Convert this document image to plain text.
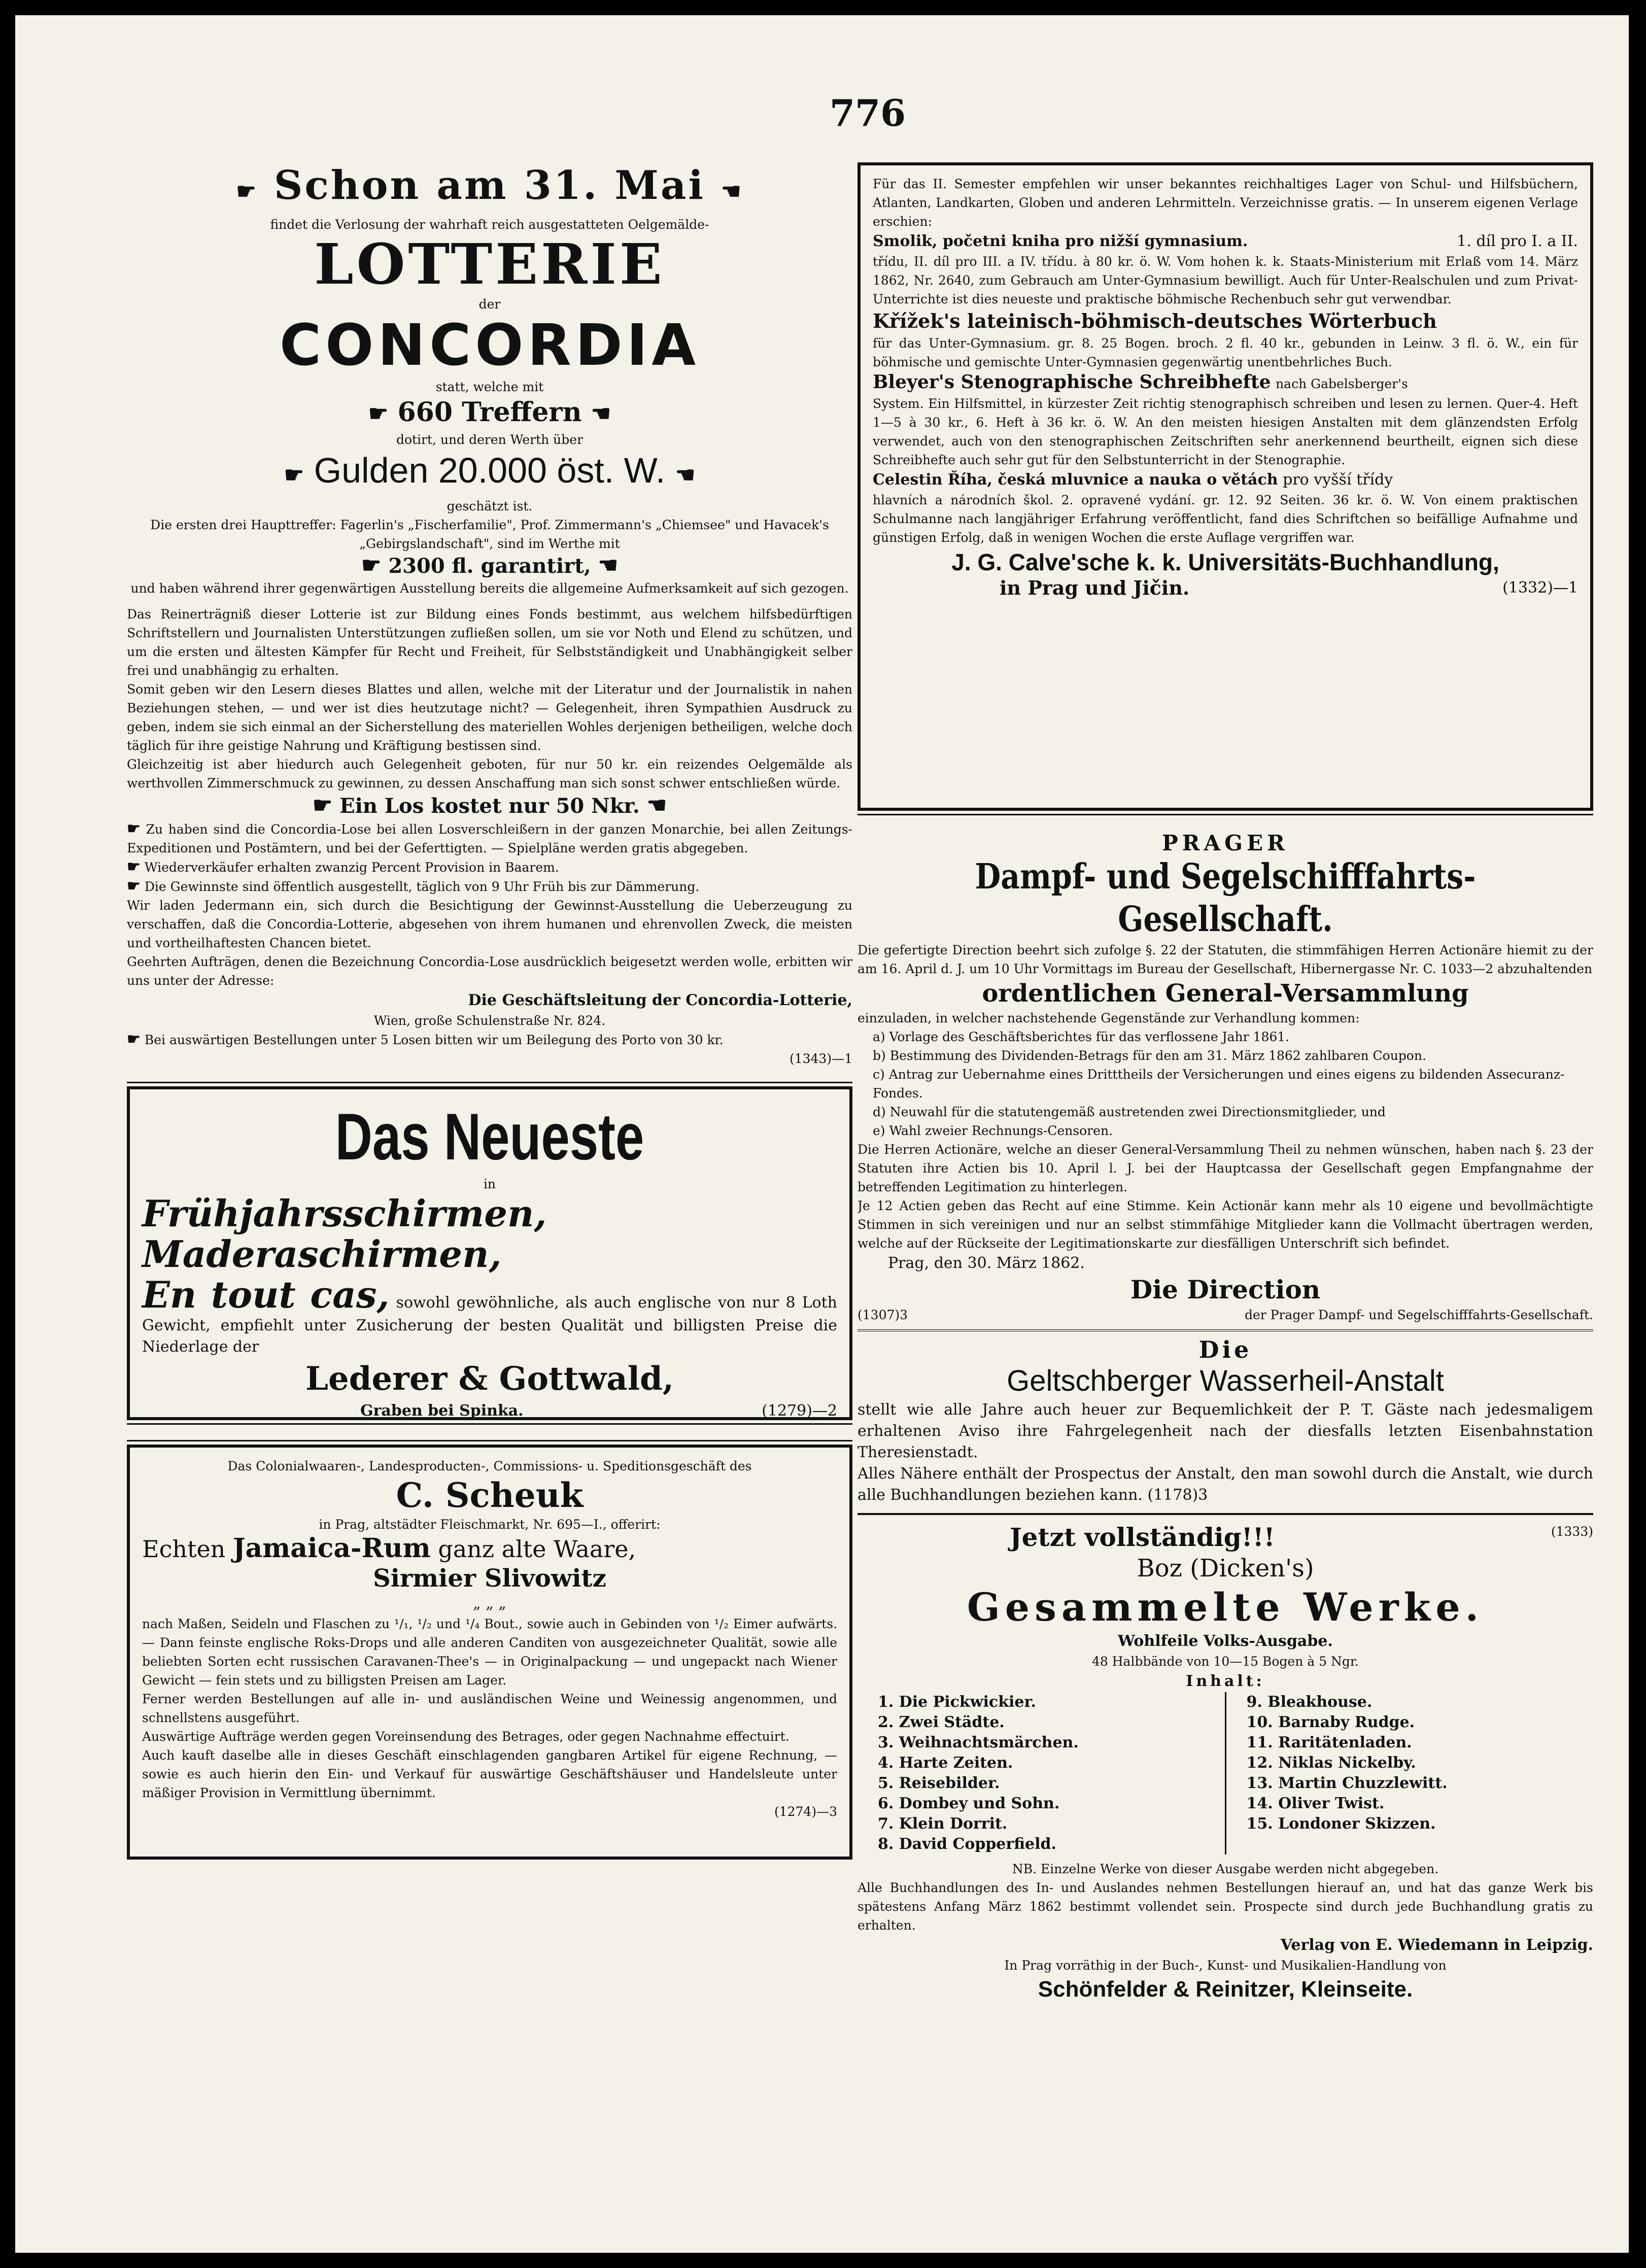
776

☛ Schon am 31. Mai ☚

findet die Verlosung der wahrhaft reich ausgestatteten Oelgemälde-

LOTTERIE

der

CONCORDIA

statt, welche mit

☛ 660 Treffern ☚

dotirt, und deren Werth über

☛ Gulden 20.000 öst. W. ☚

geschätzt ist.

Die ersten drei Haupttreffer: Fagerlin's „Fischerfamilie", Prof. Zimmermann's „Chiemsee" und Havacek's „Gebirgslandschaft", sind im Werthe mit

☛ 2300 fl. garantirt, ☚

und haben während ihrer gegenwärtigen Ausstellung bereits die allgemeine Aufmerksamkeit auf sich gezogen.

Das Reinerträgniß dieser Lotterie ist zur Bildung eines Fonds bestimmt, aus welchem hilfsbedürftigen Schriftstellern und Journalisten Unterstützungen zufließen sollen, um sie vor Noth und Elend zu schützen, und um die ersten und ältesten Kämpfer für Recht und Freiheit, für Selbstständigkeit und Unabhängigkeit selber frei und unabhängig zu erhalten.

Somit geben wir den Lesern dieses Blattes und allen, welche mit der Literatur und der Journalistik in nahen Beziehungen stehen, — und wer ist dies heutzutage nicht? — Gelegenheit, ihren Sympathien Ausdruck zu geben, indem sie sich einmal an der Sicherstellung des materiellen Wohles derjenigen betheiligen, welche doch täglich für ihre geistige Nahrung und Kräftigung bestissen sind.

Gleichzeitig ist aber hiedurch auch Gelegenheit geboten, für nur 50 kr. ein reizendes Oelgemälde als werthvollen Zimmerschmuck zu gewinnen, zu dessen Anschaffung man sich sonst schwer entschließen würde.

☛ Ein Los kostet nur 50 Nkr. ☚

☛ Zu haben sind die Concordia-Lose bei allen Losverschleißern in der ganzen Monarchie, bei allen Zeitungs-Expeditionen und Postämtern, und bei der Geferttigten. — Spielpläne werden gratis abgegeben.

☛ Wiederverkäufer erhalten zwanzig Percent Provision in Baarem.

☛ Die Gewinnste sind öffentlich ausgestellt, täglich von 9 Uhr Früh bis zur Dämmerung.

Wir laden Jedermann ein, sich durch die Besichtigung der Gewinnst-Ausstellung die Ueberzeugung zu verschaffen, daß die Concordia-Lotterie, abgesehen von ihrem humanen und ehrenvollen Zweck, die meisten und vortheilhaftesten Chancen bietet.

Geehrten Aufträgen, denen die Bezeichnung Concordia-Lose ausdrücklich beigesetzt werden wolle, erbitten wir uns unter der Adresse:

Die Geschäftsleitung der Concordia-Lotterie,

Wien, große Schulenstraße Nr. 824.

☛ Bei auswärtigen Bestellungen unter 5 Losen bitten wir um Beilegung des Porto von 30 kr.

(1343)—1

Das Neueste

in

Frühjahrsschirmen,

Maderaschirmen,

En tout cas, sowohl gewöhnliche, als auch englische von nur 8 Loth Gewicht, empfiehlt unter Zusicherung der besten Qualität und billigsten Preise die Niederlage der

Lederer & Gottwald,

Graben bei Spinka.	(1279)—2

Das Colonialwaaren-, Landesproducten-, Commissions- u. Speditionsgeschäft des

C. Scheuk

in Prag, altstädter Fleischmarkt, Nr. 695—I., offerirt:

Echten Jamaica-Rum ganz alte Waare,

Sirmier Slivowitz

„ „ „

nach Maßen, Seideln und Flaschen zu ¹/₁, ¹/₂ und ¹/₄ Bout., sowie auch in Gebinden von ¹/₂ Eimer aufwärts. — Dann feinste englische Roks-Drops und alle anderen Canditen von ausgezeichneter Qualität, sowie alle beliebten Sorten echt russischen Caravanen-Thee's — in Originalpackung — und ungepackt nach Wiener Gewicht — fein stets und zu billigsten Preisen am Lager.

Ferner werden Bestellungen auf alle in- und ausländischen Weine und Weinessig angenommen, und schnellstens ausgeführt.

Auswärtige Aufträge werden gegen Voreinsendung des Betrages, oder gegen Nachnahme effectuirt.

Auch kauft daselbe alle in dieses Geschäft einschlagenden gangbaren Artikel für eigene Rechnung, — sowie es auch hierin den Ein- und Verkauf für auswärtige Geschäftshäuser und Handelsleute unter mäßiger Provision in Vermittlung übernimmt.

(1274)—3

Für das II. Semester empfehlen wir unser bekanntes reichhaltiges Lager von Schul- und Hilfsbüchern, Atlanten, Landkarten, Globen und anderen Lehrmitteln. Verzeichnisse gratis. — In unserem eigenen Verlage erschien:

Smolik, početni kniha pro nižší gymnasium.	1. díl pro I. a II.

třídu, II. díl pro III. a IV. třídu. à 80 kr. ö. W. Vom hohen k. k. Staats-Ministerium mit Erlaß vom 14. März 1862, Nr. 2640, zum Gebrauch am Unter-Gymnasium bewilligt. Auch für Unter-Realschulen und zum Privat-Unterrichte ist dies neueste und praktische böhmische Rechenbuch sehr gut verwendbar.

Křížek's lateinisch-böhmisch-deutsches Wörterbuch

für das Unter-Gymnasium. gr. 8. 25 Bogen. broch. 2 fl. 40 kr., gebunden in Leinw. 3 fl. ö. W., ein für böhmische und gemischte Unter-Gymnasien gegenwärtig unentbehrliches Buch.

Bleyer's Stenographische Schreibhefte nach Gabelsberger's

System. Ein Hilfsmittel, in kürzester Zeit richtig stenographisch schreiben und lesen zu lernen. Quer-4. Heft 1—5 à 30 kr., 6. Heft à 36 kr. ö. W. An den meisten hiesigen Anstalten mit dem glänzendsten Erfolg verwendet, auch von den stenographischen Zeitschriften sehr anerkennend beurtheilt, eignen sich diese Schreibhefte auch sehr gut für den Selbstunterricht in der Stenographie.

Celestin Říha, česká mluvnice a nauka o větách pro vyšší třídy

hlavních a národních škol. 2. opravené vydání. gr. 12. 92 Seiten. 36 kr. ö. W. Von einem praktischen Schulmanne nach langjähriger Erfahrung veröffentlicht, fand dies Schriftchen so beifällige Aufnahme und günstigen Erfolg, daß in wenigen Wochen die erste Auflage vergriffen war.

J. G. Calve'sche k. k. Universitäts-Buchhandlung,

in Prag und Jičin.	(1332)—1

PRAGER

Dampf- und Segelschifffahrts-Gesellschaft.

Die gefertigte Direction beehrt sich zufolge §. 22 der Statuten, die stimmfähigen Herren Actionäre hiemit zu der am 16. April d. J. um 10 Uhr Vormittags im Bureau der Gesellschaft, Hibernergasse Nr. C. 1033—2 abzuhaltenden

ordentlichen General-Versammlung

einzuladen, in welcher nachstehende Gegenstände zur Verhandlung kommen:

a) Vorlage des Geschäftsberichtes für das verflossene Jahr 1861.

b) Bestimmung des Dividenden-Betrags für den am 31. März 1862 zahlbaren Coupon.

c) Antrag zur Uebernahme eines Dritttheils der Versicherungen und eines eigens zu bildenden Assecuranz-Fondes.

d) Neuwahl für die statutengemäß austretenden zwei Directionsmitglieder, und

e) Wahl zweier Rechnungs-Censoren.

Die Herren Actionäre, welche an dieser General-Versammlung Theil zu nehmen wünschen, haben nach §. 23 der Statuten ihre Actien bis 10. April l. J. bei der Hauptcassa der Gesellschaft gegen Empfangnahme der betreffenden Legitimation zu hinterlegen.

Je 12 Actien geben das Recht auf eine Stimme. Kein Actionär kann mehr als 10 eigene und bevollmächtigte Stimmen in sich vereinigen und nur an selbst stimmfähige Mitglieder kann die Vollmacht übertragen werden, welche auf der Rückseite der Legitimationskarte zur diesfälligen Unterschrift sich befindet.

Prag, den 30. März 1862.

Die Direction

(1307)3	der Prager Dampf- und Segelschifffahrts-Gesellschaft.

Die

Geltschberger Wasserheil-Anstalt

stellt wie alle Jahre auch heuer zur Bequemlichkeit der P. T. Gäste nach jedesmaligem erhaltenen Aviso ihre Fahrgelegenheit nach der diesfalls letzten Eisenbahnstation Theresienstadt.

Alles Nähere enthält der Prospectus der Anstalt, den man sowohl durch die Anstalt, wie durch alle Buchhandlungen beziehen kann. (1178)3

Jetzt vollständig!!!	(1333)

Boz (Dicken's)

Gesammelte Werke.

Wohlfeile Volks-Ausgabe.

48 Halbbände von 10—15 Bogen à 5 Ngr.

Inhalt:

1. Die Pickwickier.
2. Zwei Städte.
3. Weihnachtsmärchen.
4. Harte Zeiten.
5. Reisebilder.
6. Dombey und Sohn.
7. Klein Dorrit.
8. David Copperfield.
9. Bleakhouse.
10. Barnaby Rudge.
11. Raritätenladen.
12. Niklas Nickelby.
13. Martin Chuzzlewitt.
14. Oliver Twist.
15. Londoner Skizzen.

NB. Einzelne Werke von dieser Ausgabe werden nicht abgegeben.

Alle Buchhandlungen des In- und Auslandes nehmen Bestellungen hierauf an, und hat das ganze Werk bis spätestens Anfang März 1862 bestimmt vollendet sein. Prospecte sind durch jede Buchhandlung gratis zu erhalten.

Verlag von E. Wiedemann in Leipzig.

In Prag vorräthig in der Buch-, Kunst- und Musikalien-Handlung von

Schönfelder & Reinitzer, Kleinseite.
